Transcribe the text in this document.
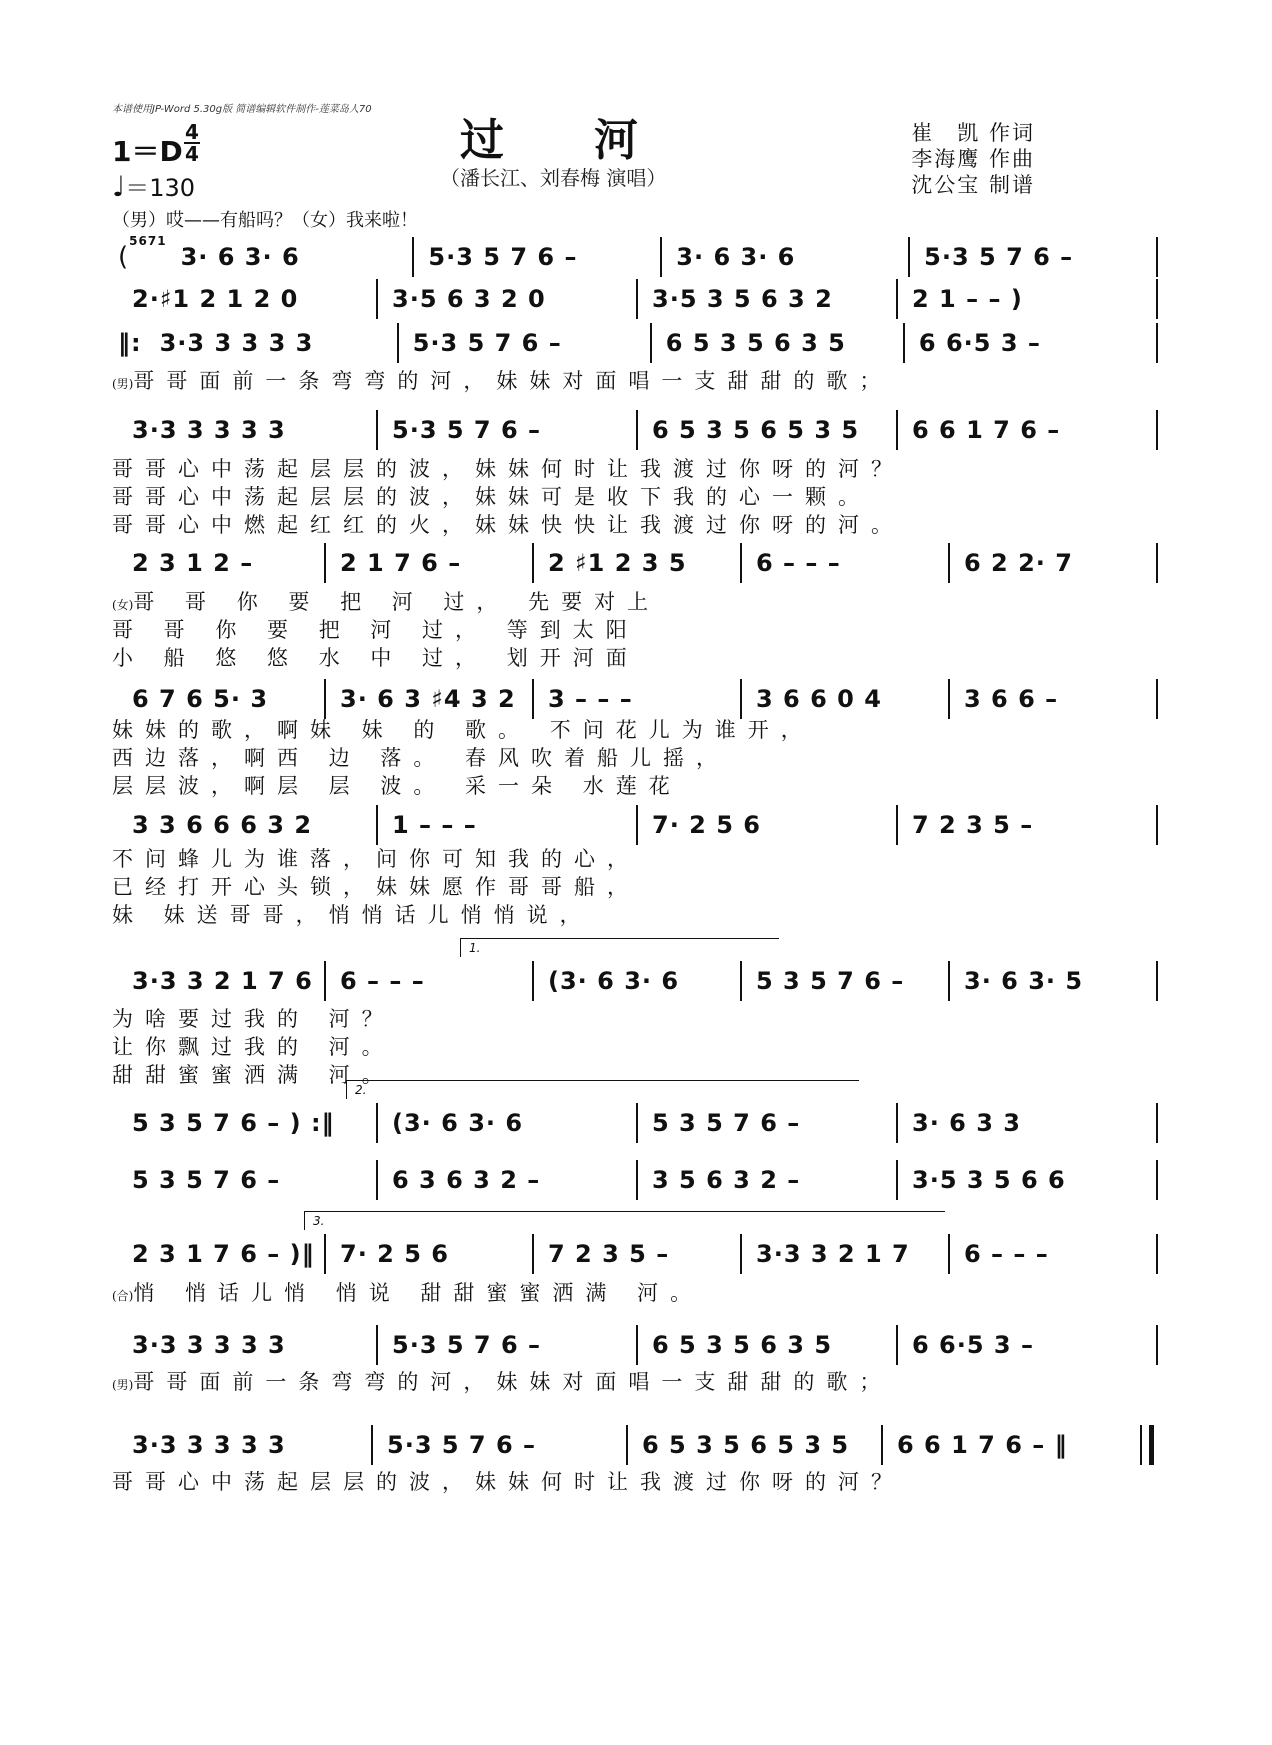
本谱使用JP-Word 5.30g版 简谱编辑软件制作-莲菜岛人70
过河
（潘长江、刘春梅 演唱）
1＝D
4
4
♩＝130
崔　凯 作词
李海鹰 作曲
沈公宝 制谱
（男）哎——有船吗？（女）我来啦！
(
5671
3· 6 3· 6	5·3 5 7 6 –	3· 6 3· 6	5·3 5 7 6 –
2·♯1 2 1 2 0	3·5 6 3 2 0	3·5 3 5 6 3 2	2 1 – – )
‖: 3·3 3 3 3 3	5·3 5 7 6 –	6 5 3 5 6 3 5	6 6·5 3 –
(男)哥哥面前一条弯弯的河，妹妹对面唱一支甜甜的歌；
3·3 3 3 3 3	5·3 5 7 6 –	6 5 3 5 6 5 3 5	6 6 1 7 6 –
哥哥心中荡起层层的波，妹妹何时让我渡过你呀的河？
哥哥心中荡起层层的波，妹妹可是收下我的心一颗。
哥哥心中燃起红红的火，妹妹快快让我渡过你呀的河。
2 3 1 2 –	2 1 7 6 –	2 ♯1 2 3 5	6 – – –	6 2 2· 7
(女)哥 哥 你 要 把 河 过， 先要对上
哥 哥 你 要 把 河 过， 等到太阳
小 船 悠 悠 水 中 过， 划开河面
6 7 6 5· 3	3· 6 3 ♯4 3 2	3 – – –	3 6 6 0 4	3 6 6 –
妹妹的歌，啊妹 妹 的 歌。 不问花儿为谁开，
西边落，啊西 边 落。 春风吹着船儿摇，
层层波，啊层 层 波。 采一朵 水莲花
3 3 6 6 6 3 2	1 – – –	7· 2 5 6	7 2 3 5 –
不问蜂儿为谁落，问你可知我的心，
已经打开心头锁，妹妹愿作哥哥船，
妹 妹送哥哥，悄悄话儿悄悄说，
3·3 3 2 1 7 6	6 – – –	(3· 6 3· 6	5 3 5 7 6 –	3· 6 3· 5
1.
为啥要过我的 河？
让你飘过我的 河。
甜甜蜜蜜洒满 河。
5 3 5 7 6 – ) :‖	(3· 6 3· 6	5 3 5 7 6 –	3· 6 3 3
2.
5 3 5 7 6 –	6 3 6 3 2 –	3 5 6 3 2 –	3·5 3 5 6 6
2 3 1 7 6 – )‖	7· 2 5 6	7 2 3 5 –	3·3 3 2 1 7	6 – – –
3.
(合)悄 悄话儿悄 悄说 甜甜蜜蜜洒满 河。
3·3 3 3 3 3	5·3 5 7 6 –	6 5 3 5 6 3 5	6 6·5 3 –
(男)哥哥面前一条弯弯的河，妹妹对面唱一支甜甜的歌；
3·3 3 3 3 3	5·3 5 7 6 –	6 5 3 5 6 5 3 5	6 6 1 7 6 – ‖
哥哥心中荡起层层的波，妹妹何时让我渡过你呀的河？
